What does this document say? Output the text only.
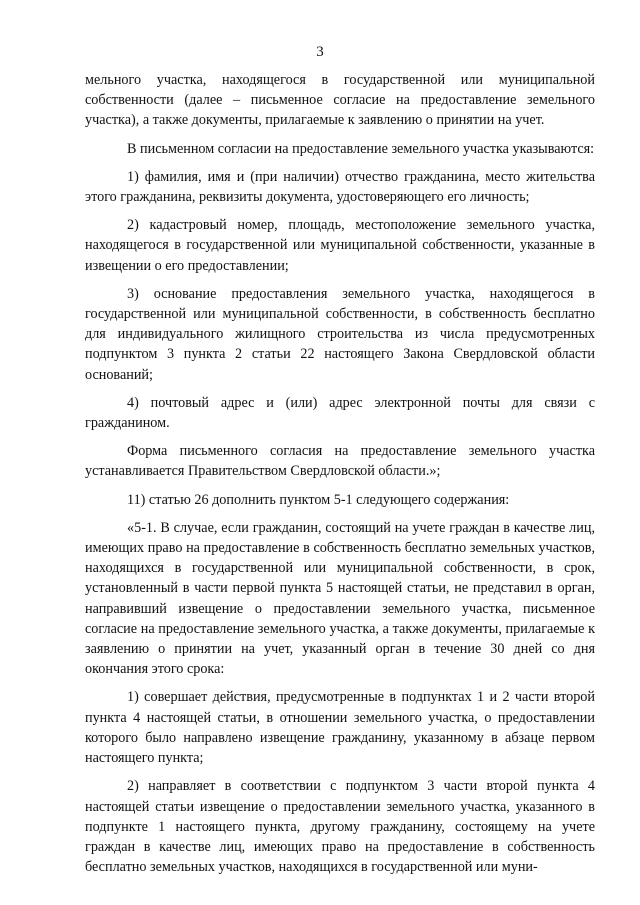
3

мельного участка, находящегося в государственной или муниципальной собственности (далее – письменное согласие на предоставление земельного участка), а также документы, прилагаемые к заявлению о принятии на учет.

В письменном согласии на предоставление земельного участка указываются:

1) фамилия, имя и (при наличии) отчество гражданина, место жительства этого гражданина, реквизиты документа, удостоверяющего его личность;

2) кадастровый номер, площадь, местоположение земельного участка, находящегося в государственной или муниципальной собственности, указанные в извещении о его предоставлении;

3) основание предоставления земельного участка, находящегося в государственной или муниципальной собственности, в собственность бесплатно для индивидуального жилищного строительства из числа предусмотренных подпунктом 3 пункта 2 статьи 22 настоящего Закона Свердловской области оснований;

4) почтовый адрес и (или) адрес электронной почты для связи с гражданином.

Форма письменного согласия на предоставление земельного участка устанавливается Правительством Свердловской области.»;

11) статью 26 дополнить пунктом 5-1 следующего содержания:

«5-1. В случае, если гражданин, состоящий на учете граждан в качестве лиц, имеющих право на предоставление в собственность бесплатно земельных участков, находящихся в государственной или муниципальной собственности, в срок, установленный в части первой пункта 5 настоящей статьи, не представил в орган, направивший извещение о предоставлении земельного участка, письменное согласие на предоставление земельного участка, а также документы, прилагаемые к заявлению о принятии на учет, указанный орган в течение 30 дней со дня окончания этого срока:

1) совершает действия, предусмотренные в подпунктах 1 и 2 части второй пункта 4 настоящей статьи, в отношении земельного участка, о предоставлении которого было направлено извещение гражданину, указанному в абзаце первом настоящего пункта;

2) направляет в соответствии с подпунктом 3 части второй пункта 4 настоящей статьи извещение о предоставлении земельного участка, указанного в подпункте 1 настоящего пункта, другому гражданину, состоящему на учете граждан в качестве лиц, имеющих право на предоставление в собственность бесплатно земельных участков, находящихся в государственной или муни-
